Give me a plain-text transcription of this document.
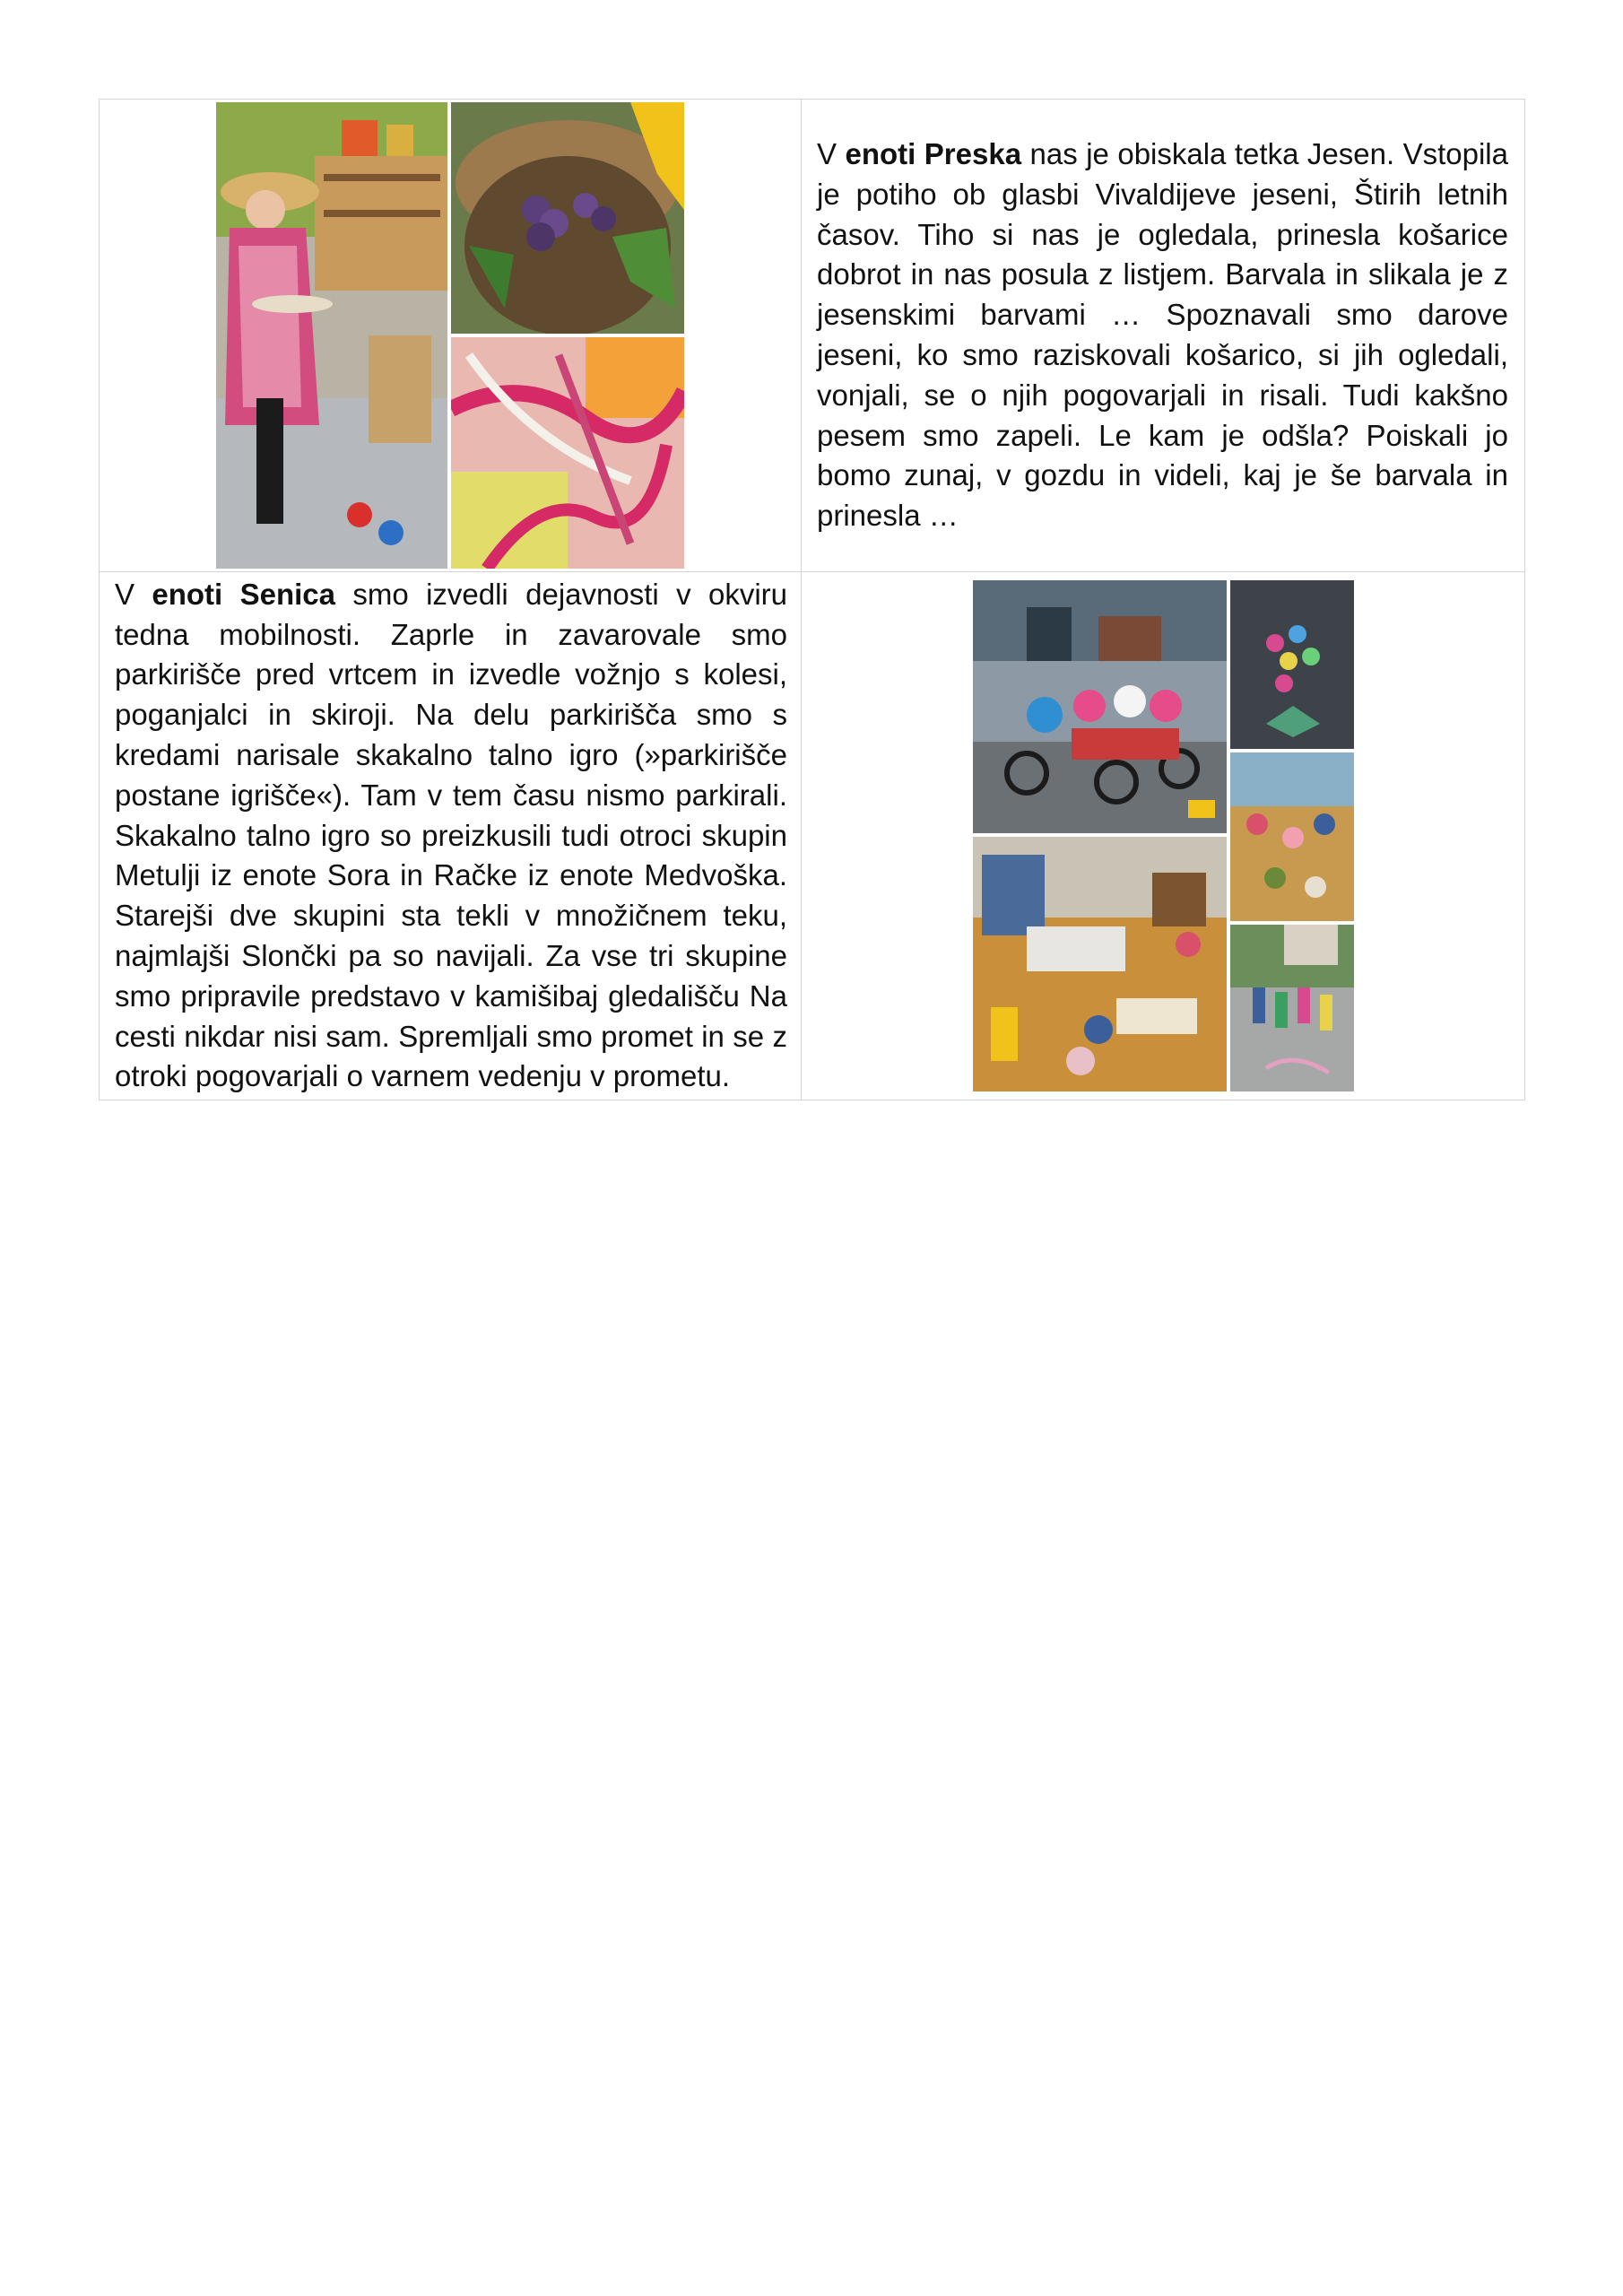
V enoti Preska nas je obiskala tetka Jesen. Vstopila je potiho ob glasbi Vivaldijeve jeseni, Štirih letnih časov. Tiho si nas je ogledala, prinesla košarice dobrot in nas posula z listjem. Barvala in slikala je z jesenskimi barvami … Spoznavali smo darove jeseni, ko smo raziskovali košarico, si jih ogledali, vonjali, se o njih pogovarjali in risali. Tudi kakšno pesem smo zapeli. Le kam je odšla? Poiskali jo bomo zunaj, v gozdu in videli, kaj je še barvala in prinesla …

V enoti Senica smo izvedli dejavnosti v okviru tedna mobilnosti. Zaprle in zavarovale smo parkirišče pred vrtcem in izvedle vožnjo s kolesi, poganjalci in skiroji. Na delu parkirišča smo s kredami narisale skakalno talno igro (»parkirišče postane igrišče«). Tam v tem času nismo parkirali. Skakalno talno igro so preizkusili tudi otroci skupin Metulji iz enote Sora in Račke iz enote Medvoška. Starejši dve skupini sta tekli v množičnem teku, najmlajši Slončki pa so navijali. Za vse tri skupine smo pripravile predstavo v kamišibaj gledališču Na cesti nikdar nisi sam. Spremljali smo promet in se z otroki pogovarjali o varnem vedenju v prometu.
